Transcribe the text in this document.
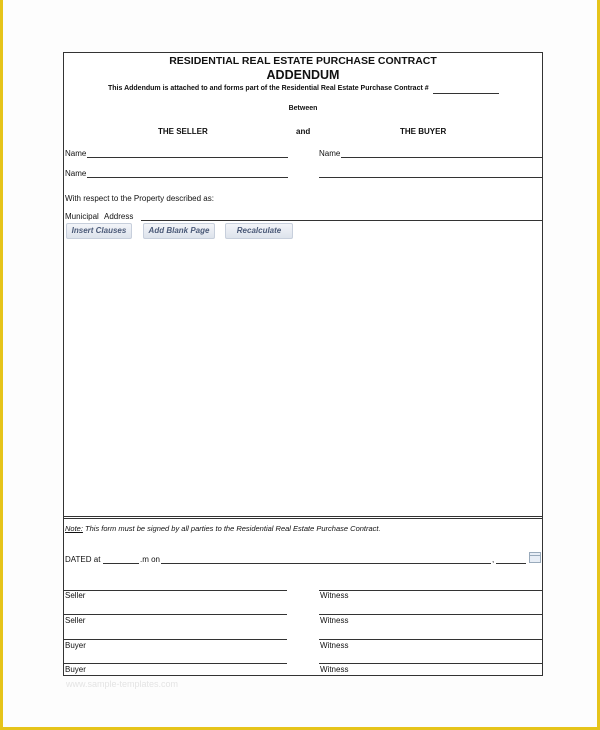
RESIDENTIAL REAL ESTATE PURCHASE CONTRACT
ADDENDUM
This Addendum is attached to and forms part of the Residential Real Estate Purchase Contract #
Between
THE SELLER	and	THE BUYER
Name	Name
Name
With respect to the Property described as:
Municipal Address
Insert Clauses	Add Blank Page	Recalculate
Note: This form must be signed by all parties to the Residential Real Estate Purchase Contract.
DATED at	.m on	,
Seller	Witness
Seller	Witness
Buyer	Witness
Buyer	Witness
www.sample-templates.com
